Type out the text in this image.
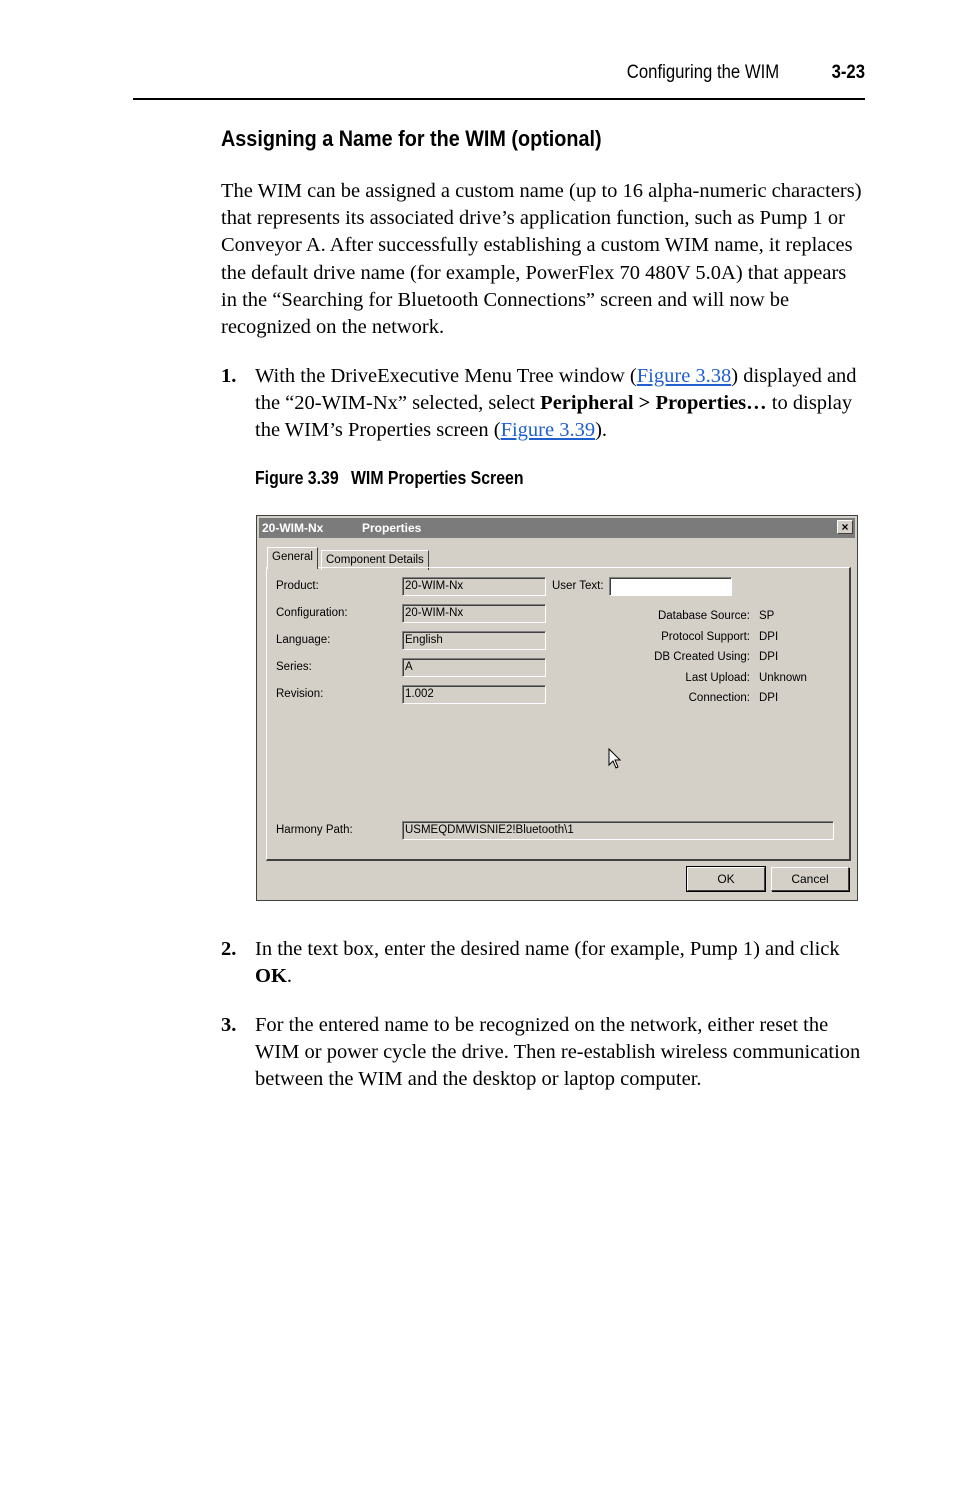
Configuring the WIM	3-23
Assigning a Name for the WIM (optional)

The WIM can be assigned a custom name (up to 16 alpha-numeric characters) that represents its associated drive’s application function, such as Pump 1 or Conveyor A. After successfully establishing a custom WIM name, it replaces the default drive name (for example, PowerFlex 70 480V 5.0A) that appears in the “Searching for Bluetooth Connections” screen and will now be recognized on the network.

1. With the DriveExecutive Menu Tree window (Figure 3.38) displayed and the “20-WIM-Nx” selected, select Peripheral > Properties… to display the WIM’s Properties screen (Figure 3.39).
Figure 3.39 WIM Properties Screen
20-WIM-Nx	Properties	×
General	Component Details
Product:	20-WIM-Nx
Configuration:	20-WIM-Nx
Language:	English
Series:	A
Revision:	1.002
User Text:
Database Source: SP
Protocol Support: DPI
DB Created Using: DPI
Last Upload: Unknown
Connection: DPI
Harmony Path:	USMEQDMWISNIE2!Bluetooth\1
OK	Cancel
2. In the text box, enter the desired name (for example, Pump 1) and click OK.
3. For the entered name to be recognized on the network, either reset the WIM or power cycle the drive. Then re-establish wireless communication between the WIM and the desktop or laptop computer.
